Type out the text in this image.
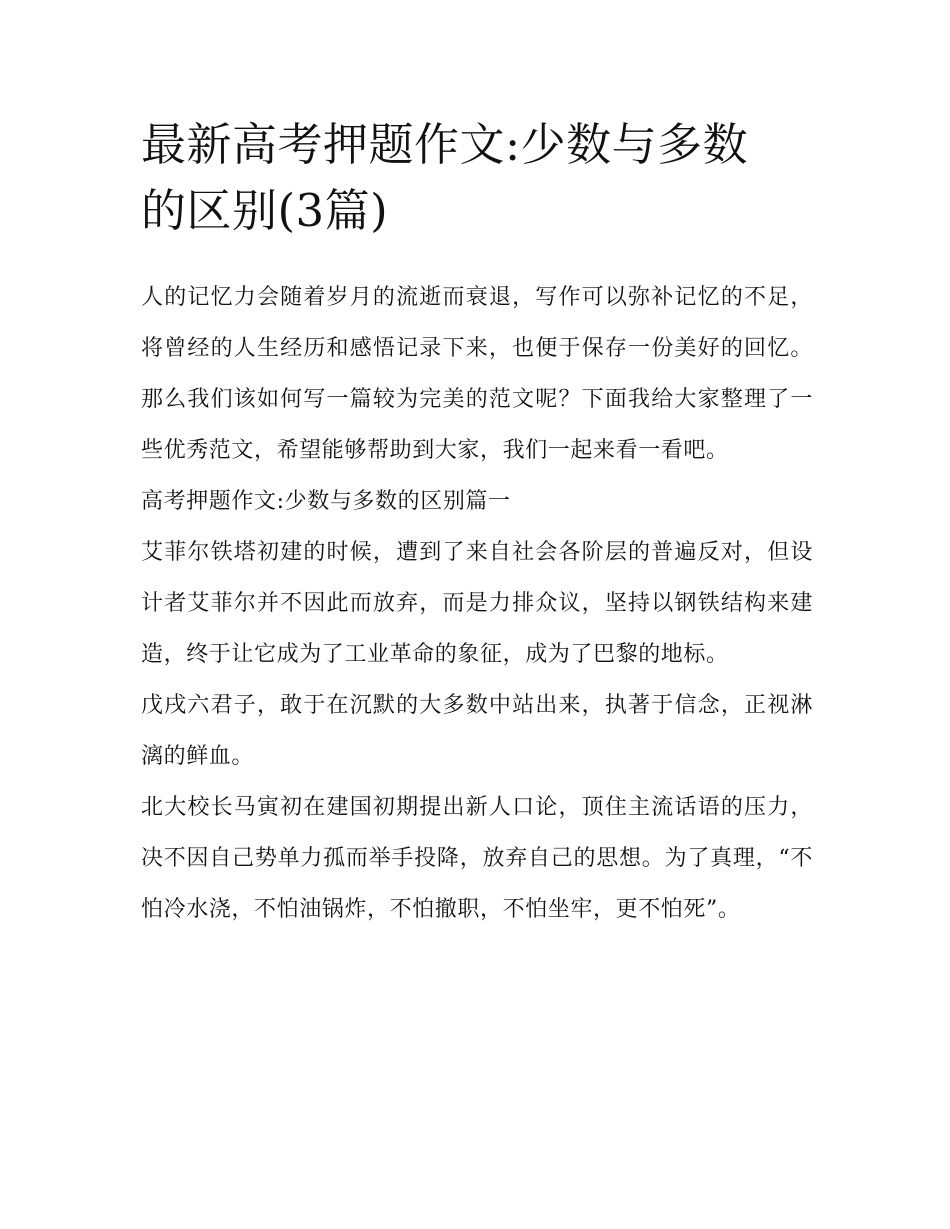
最新高考押题作文:少数与多数
的区别(3篇)

人的记忆力会随着岁月的流逝而衰退，写作可以弥补记忆的不足，将曾经的人生经历和感悟记录下来，也便于保存一份美好的回忆。那么我们该如何写一篇较为完美的范文呢？下面我给大家整理了一些优秀范文，希望能够帮助到大家，我们一起来看一看吧。

高考押题作文:少数与多数的区别篇一

艾菲尔铁塔初建的时候，遭到了来自社会各阶层的普遍反对，但设计者艾菲尔并不因此而放弃，而是力排众议，坚持以钢铁结构来建造，终于让它成为了工业革命的象征，成为了巴黎的地标。

戊戌六君子，敢于在沉默的大多数中站出来，执著于信念，正视淋漓的鲜血。

北大校长马寅初在建国初期提出新人口论，顶住主流话语的压力，决不因自己势单力孤而举手投降，放弃自己的思想。为了真理，“不怕冷水浇，不怕油锅炸，不怕撤职，不怕坐牢，更不怕死”。
